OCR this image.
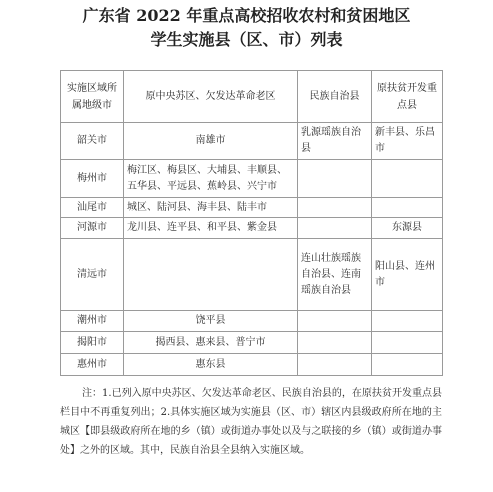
广东省 2022 年重点高校招收农村和贫困地区
学生实施县（区、市）列表
实施区域所属地级市	原中央苏区、欠发达革命老区	民族自治县	原扶贫开发重点县
韶关市	南雄市	乳源瑶族自治县	新丰县、乐昌市
梅州市	梅江区、梅县区、大埔县、丰顺县、五华县、平远县、蕉岭县、兴宁市		
汕尾市	城区、陆河县、海丰县、陆丰市		
河源市	龙川县、连平县、和平县、紫金县		东源县
清远市		连山壮族瑶族自治县、连南瑶族自治县	阳山县、连州市
潮州市	饶平县		
揭阳市	揭西县、惠来县、普宁市		
惠州市	惠东县		
注：1.已列入原中央苏区、欠发达革命老区、民族自治县的，在原扶贫开发重点县栏目中不再重复列出；2.具体实施区域为实施县（区、市）辖区内县级政府所在地的主城区【即县级政府所在地的乡（镇）或街道办事处以及与之联接的乡（镇）或街道办事处】之外的区域。其中，民族自治县全县纳入实施区域。
